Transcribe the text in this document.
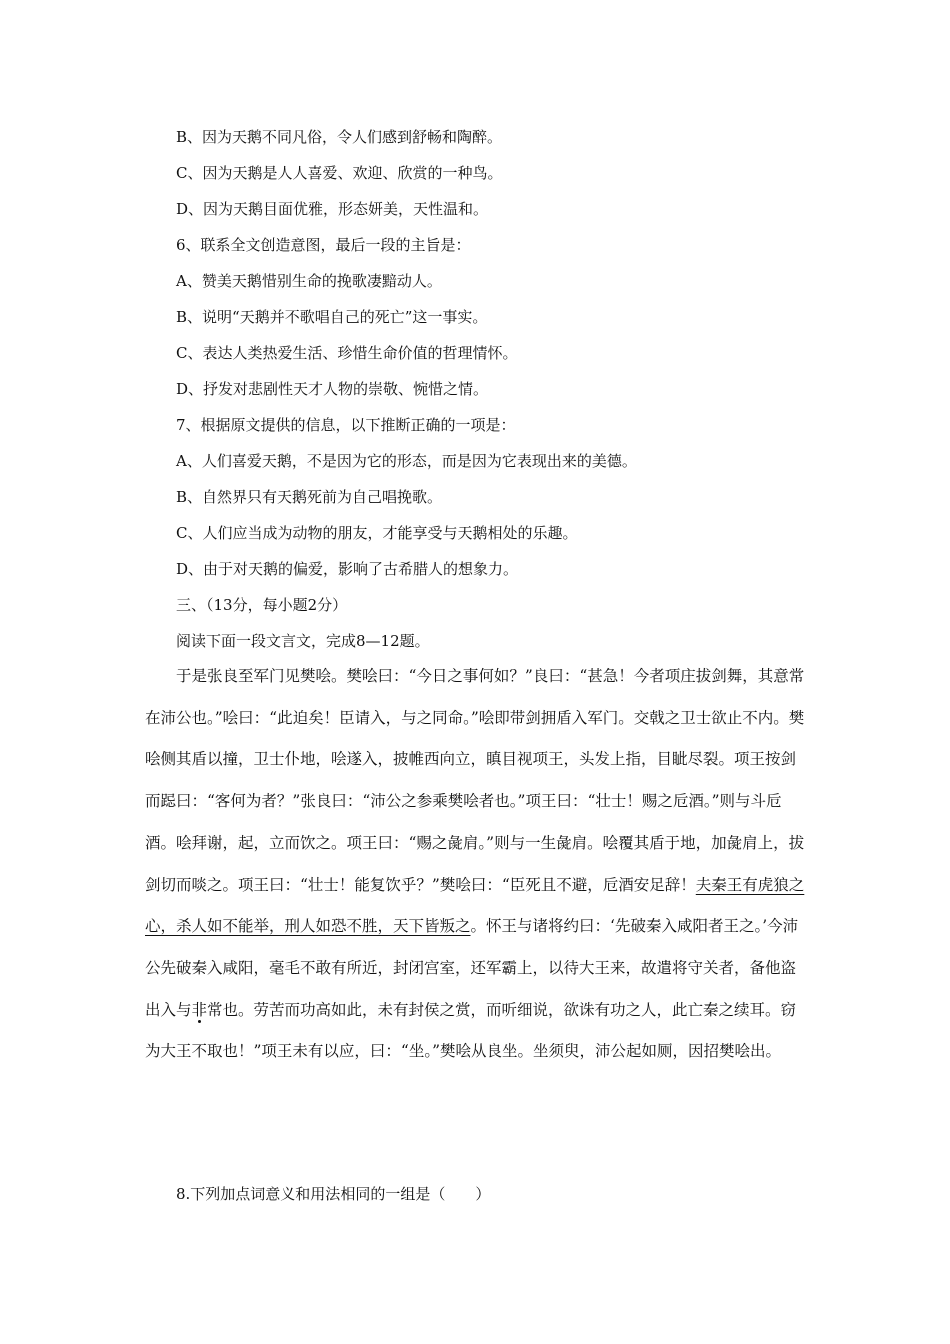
B、因为天鹅不同凡俗，令人们感到舒畅和陶醉。
C、因为天鹅是人人喜爱、欢迎、欣赏的一种鸟。
D、因为天鹅目面优雅，形态妍美，天性温和。
6、联系全文创造意图，最后一段的主旨是：
A、赞美天鹅惜别生命的挽歌凄黯动人。
B、说明“天鹅并不歌唱自己的死亡”这一事实。
C、表达人类热爱生活、珍惜生命价值的哲理情怀。
D、抒发对悲剧性天才人物的崇敬、惋惜之情。
7、根据原文提供的信息，以下推断正确的一项是：
A、人们喜爱天鹅，不是因为它的形态，而是因为它表现出来的美德。
B、自然界只有天鹅死前为自己唱挽歌。
C、人们应当成为动物的朋友，才能享受与天鹅相处的乐趣。
D、由于对天鹅的偏爱，影响了古希腊人的想象力。
三、（13分，每小题2分）
阅读下面一段文言文，完成8—12题。
于是张良至军门见樊哙。樊哙曰：“今日之事何如？”良曰：“甚急！今者项庄拔剑舞，其意常在沛公也。”哙曰：“此迫矣！臣请入，与之同命。”哙即带剑拥盾入军门。交戟之卫士欲止不内。樊哙侧其盾以撞，卫士仆地，哙遂入，披帷西向立，瞋目视项王，头发上指，目眦尽裂。项王按剑而跽曰：“客何为者？”张良曰：“沛公之参乘樊哙者也。”项王曰：“壮士！赐之卮酒。”则与斗卮酒。哙拜谢，起，立而饮之。项王曰：“赐之彘肩。”则与一生彘肩。哙覆其盾于地，加彘肩上，拔剑切而啖之。项王曰：“壮士！能复饮乎？”樊哙曰：“臣死且不避，卮酒安足辞！夫秦王有虎狼之心，杀人如不能举，刑人如恐不胜，天下皆叛之。怀王与诸将约曰：‘先破秦入咸阳者王之。’今沛公先破秦入咸阳，毫毛不敢有所近，封闭宫室，还军霸上，以待大王来，故遣将守关者，备他盗出入与非常也。劳苦而功高如此，未有封侯之赏，而听细说，欲诛有功之人，此亡秦之续耳。窃为大王不取也！”项王未有以应，曰：“坐。”樊哙从良坐。坐须臾，沛公起如厕，因招樊哙出。
8.下列加点词意义和用法相同的一组是（　　）
